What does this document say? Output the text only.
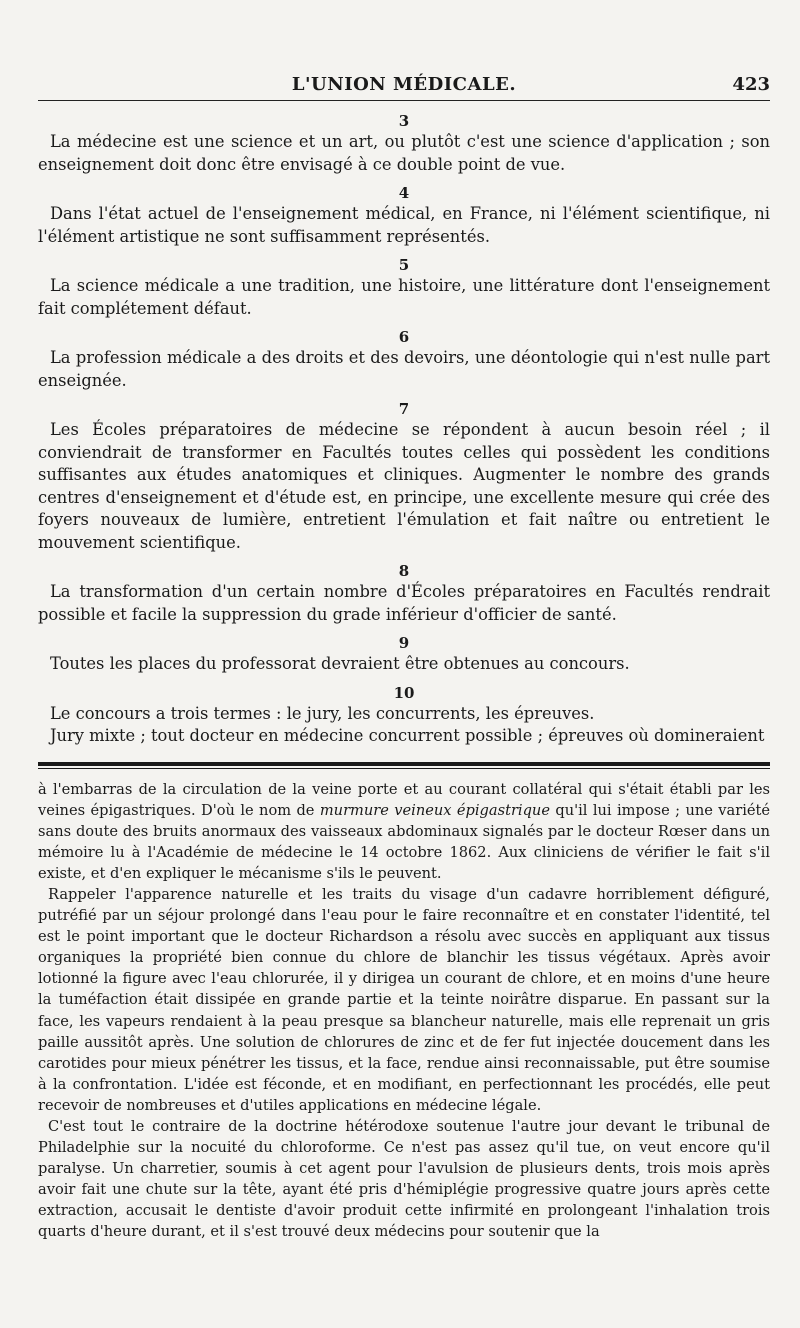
L'UNION MÉDICALE.	423
3

La médecine est une science et un art, ou plutôt c'est une science d'application ; son enseignement doit donc être envisagé à ce double point de vue.

4

Dans l'état actuel de l'enseignement médical, en France, ni l'élément scientifique, ni l'élément artistique ne sont suffisamment représentés.

5

La science médicale a une tradition, une histoire, une littérature dont l'enseignement fait complétement défaut.

6

La profession médicale a des droits et des devoirs, une déontologie qui n'est nulle part enseignée.

7

Les Écoles préparatoires de médecine se répondent à aucun besoin réel ; il conviendrait de transformer en Facultés toutes celles qui possèdent les conditions suffisantes aux études anatomiques et cliniques. Augmenter le nombre des grands centres d'enseignement et d'étude est, en principe, une excellente mesure qui crée des foyers nouveaux de lumière, entretient l'émulation et fait naître ou entretient le mouvement scientifique.

8

La transformation d'un certain nombre d'Écoles préparatoires en Facultés rendrait possible et facile la suppression du grade inférieur d'officier de santé.

9

Toutes les places du professorat devraient être obtenues au concours.

10

Le concours a trois termes : le jury, les concurrents, les épreuves.

Jury mixte ; tout docteur en médecine concurrent possible ; épreuves où domineraient

à l'embarras de la circulation de la veine porte et au courant collatéral qui s'était établi par les veines épigastriques. D'où le nom de murmure veineux épigastrique qu'il lui impose ; une variété sans doute des bruits anormaux des vaisseaux abdominaux signalés par le docteur Rœser dans un mémoire lu à l'Académie de médecine le 14 octobre 1862. Aux cliniciens de vérifier le fait s'il existe, et d'en expliquer le mécanisme s'ils le peuvent.

Rappeler l'apparence naturelle et les traits du visage d'un cadavre horriblement défiguré, putréfié par un séjour prolongé dans l'eau pour le faire reconnaître et en constater l'identité, tel est le point important que le docteur Richardson a résolu avec succès en appliquant aux tissus organiques la propriété bien connue du chlore de blanchir les tissus végétaux. Après avoir lotionné la figure avec l'eau chlorurée, il y dirigea un courant de chlore, et en moins d'une heure la tuméfaction était dissipée en grande partie et la teinte noirâtre disparue. En passant sur la face, les vapeurs rendaient à la peau presque sa blancheur naturelle, mais elle reprenait un gris paille aussitôt après. Une solution de chlorures de zinc et de fer fut injectée doucement dans les carotides pour mieux pénétrer les tissus, et la face, rendue ainsi reconnaissable, put être soumise à la confrontation. L'idée est féconde, et en modifiant, en perfectionnant les procédés, elle peut recevoir de nombreuses et d'utiles applications en médecine légale.

C'est tout le contraire de la doctrine hétérodoxe soutenue l'autre jour devant le tribunal de Philadelphie sur la nocuité du chloroforme. Ce n'est pas assez qu'il tue, on veut encore qu'il paralyse. Un charretier, soumis à cet agent pour l'avulsion de plusieurs dents, trois mois après avoir fait une chute sur la tête, ayant été pris d'hémiplégie progressive quatre jours après cette extraction, accusait le dentiste d'avoir produit cette infirmité en prolongeant l'inhalation trois quarts d'heure durant, et il s'est trouvé deux médecins pour soutenir que la
